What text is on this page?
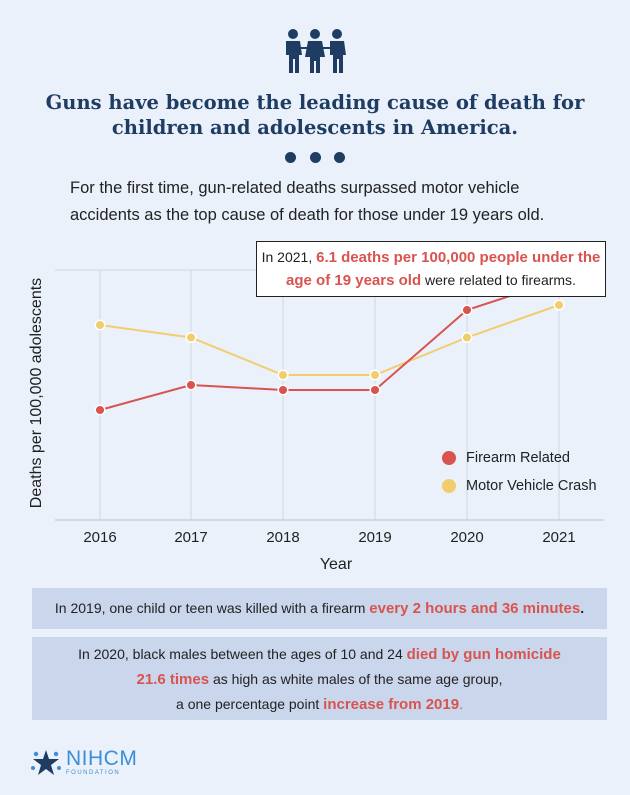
Guns have become the leading cause of death for children and adolescents in America.

For the first time, gun-related deaths surpassed motor vehicle accidents as the top cause of death for those under 19 years old.

2016	2017	2018	2019	2020	2021
Year
Deaths per 100,000 adolescents
In 2021, 6.1 deaths per 100,000 people under the age of 19 years old were related to firearms.
Firearm Related
Motor Vehicle Crash
In 2019, one child or teen was killed with a firearm every 2 hours and 36 minutes.
In 2020, black males between the ages of 10 and 24 died by gun homicide
21.6 times as high as white males of the same age group,
a one percentage point increase from 2019.
NIHCM
FOUNDATION
